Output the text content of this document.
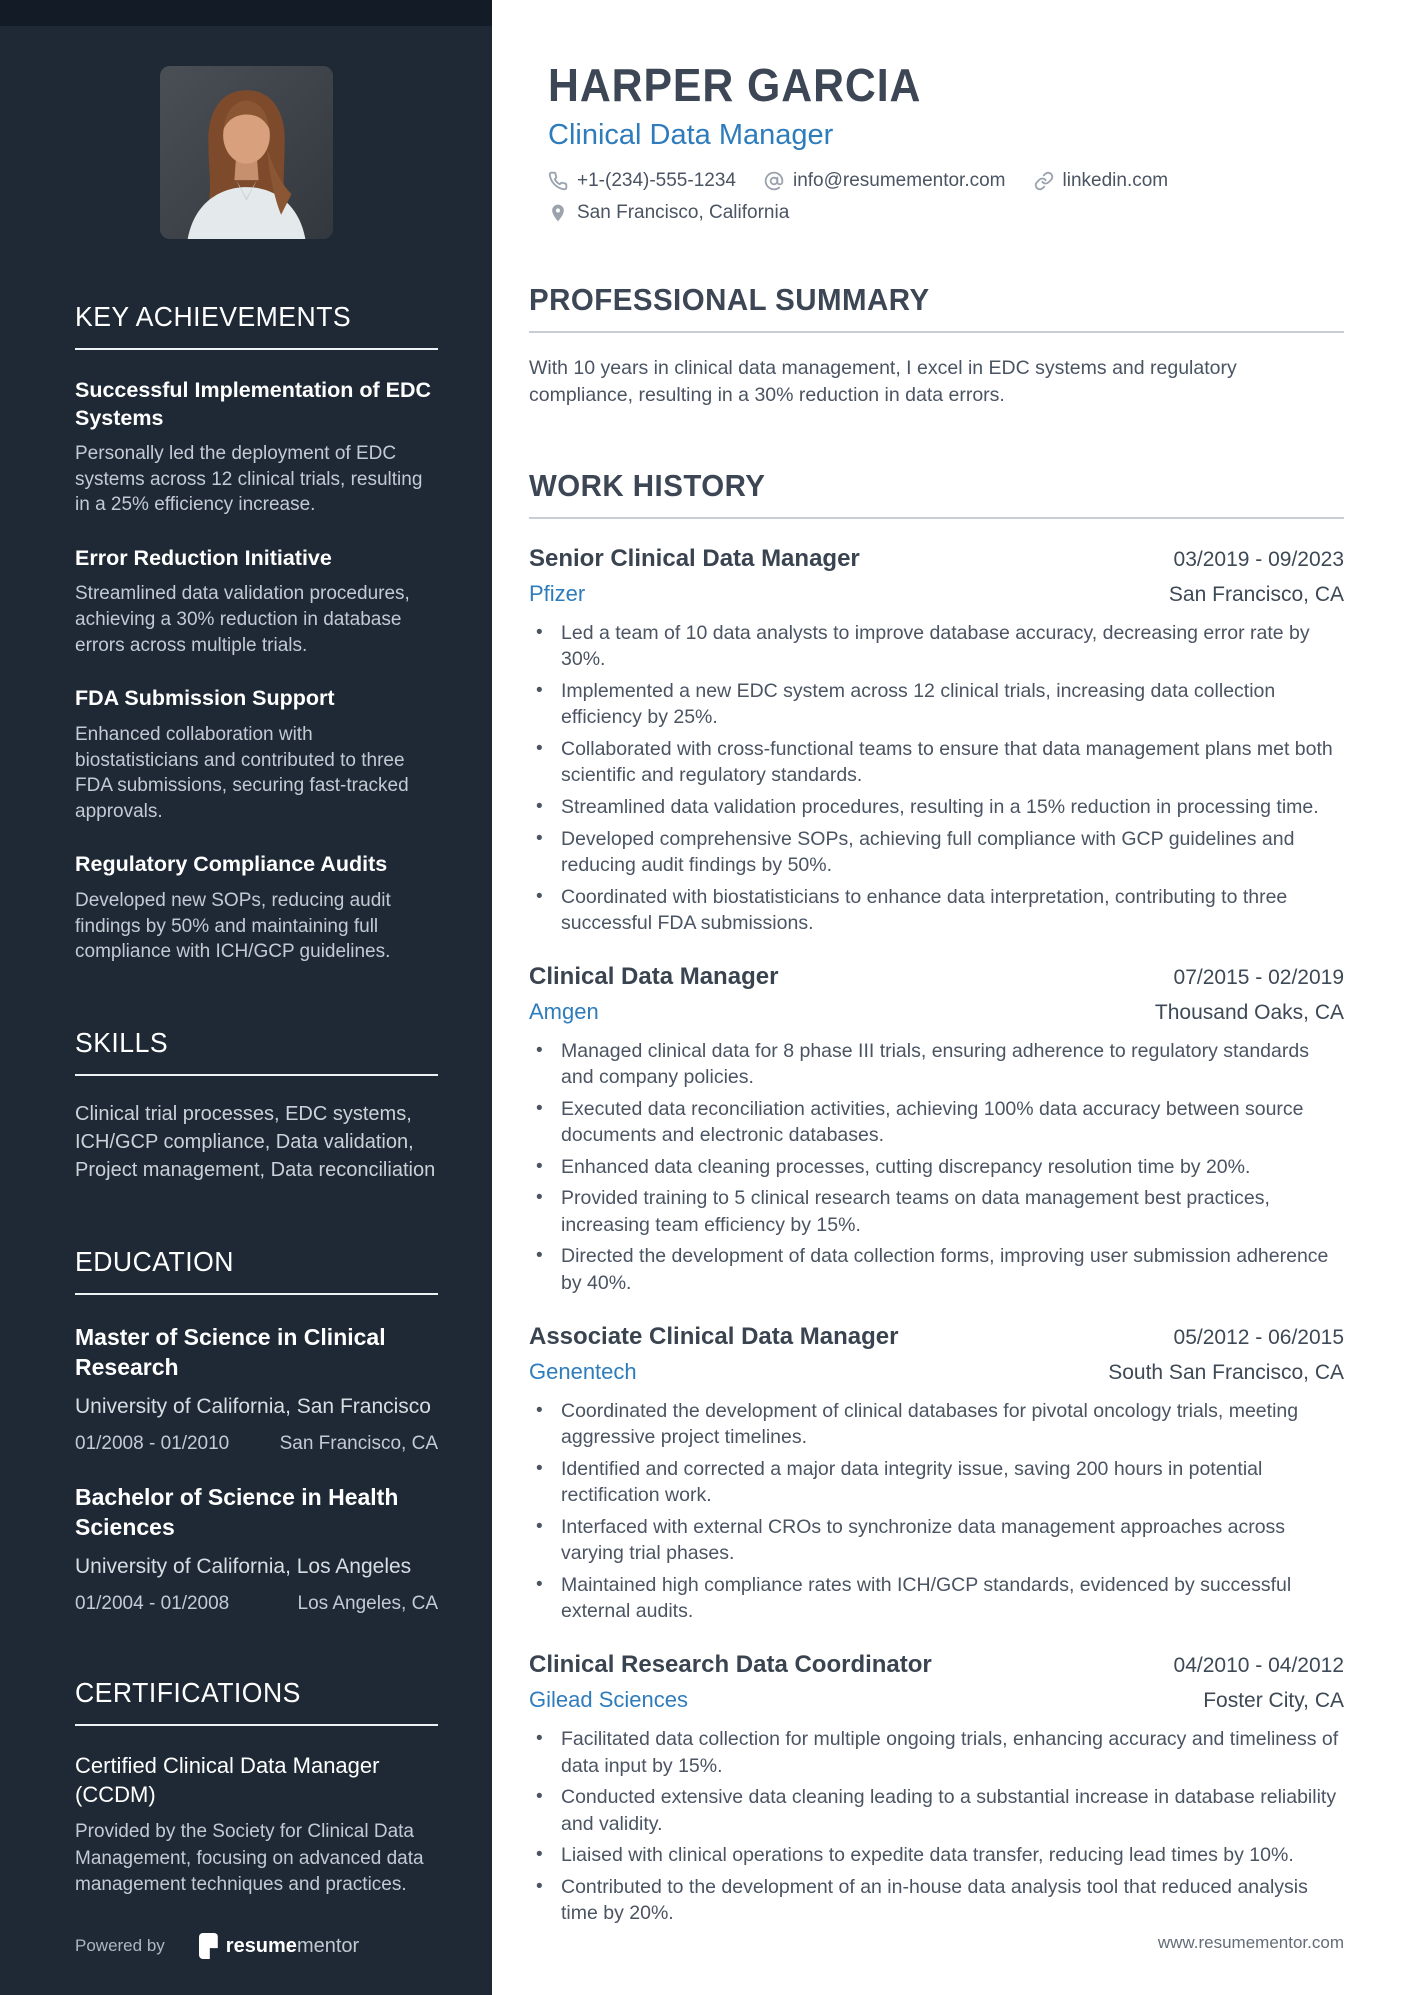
KEY ACHIEVEMENTS
Successful Implementation of EDC Systems
Personally led the deployment of EDC systems across 12 clinical trials, resulting in a 25% efficiency increase.
Error Reduction Initiative
Streamlined data validation procedures, achieving a 30% reduction in database errors across multiple trials.
FDA Submission Support
Enhanced collaboration with biostatisticians and contributed to three FDA submissions, securing fast-tracked approvals.
Regulatory Compliance Audits
Developed new SOPs, reducing audit findings by 50% and maintaining full compliance with ICH/GCP guidelines.
SKILLS
Clinical trial processes, EDC systems, ICH/GCP compliance, Data validation, Project management, Data reconciliation
EDUCATION
Master of Science in Clinical Research
University of California, San Francisco
01/2008 - 01/2010	San Francisco, CA
Bachelor of Science in Health Sciences
University of California, Los Angeles
01/2004 - 01/2008	Los Angeles, CA
CERTIFICATIONS
Certified Clinical Data Manager (CCDM)
Provided by the Society for Clinical Data Management, focusing on advanced data management techniques and practices.
Powered by	resume mentor
HARPER GARCIA
Clinical Data Manager
+1-(234)-555-1234	info@resumementor.com	linkedin.com
San Francisco, California
PROFESSIONAL SUMMARY

With 10 years in clinical data management, I excel in EDC systems and regulatory compliance, resulting in a 30% reduction in data errors.

WORK HISTORY
Senior Clinical Data Manager	03/2019 - 09/2023
Pfizer	San Francisco, CA
• Led a team of 10 data analysts to improve database accuracy, decreasing error rate by 30%.
• Implemented a new EDC system across 12 clinical trials, increasing data collection efficiency by 25%.
• Collaborated with cross-functional teams to ensure that data management plans met both scientific and regulatory standards.
• Streamlined data validation procedures, resulting in a 15% reduction in processing time.
• Developed comprehensive SOPs, achieving full compliance with GCP guidelines and reducing audit findings by 50%.
• Coordinated with biostatisticians to enhance data interpretation, contributing to three successful FDA submissions.
Clinical Data Manager	07/2015 - 02/2019
Amgen	Thousand Oaks, CA
• Managed clinical data for 8 phase III trials, ensuring adherence to regulatory standards and company policies.
• Executed data reconciliation activities, achieving 100% data accuracy between source documents and electronic databases.
• Enhanced data cleaning processes, cutting discrepancy resolution time by 20%.
• Provided training to 5 clinical research teams on data management best practices, increasing team efficiency by 15%.
• Directed the development of data collection forms, improving user submission adherence by 40%.
Associate Clinical Data Manager	05/2012 - 06/2015
Genentech	South San Francisco, CA
• Coordinated the development of clinical databases for pivotal oncology trials, meeting aggressive project timelines.
• Identified and corrected a major data integrity issue, saving 200 hours in potential rectification work.
• Interfaced with external CROs to synchronize data management approaches across varying trial phases.
• Maintained high compliance rates with ICH/GCP standards, evidenced by successful external audits.
Clinical Research Data Coordinator	04/2010 - 04/2012
Gilead Sciences	Foster City, CA
• Facilitated data collection for multiple ongoing trials, enhancing accuracy and timeliness of data input by 15%.
• Conducted extensive data cleaning leading to a substantial increase in database reliability and validity.
• Liaised with clinical operations to expedite data transfer, reducing lead times by 10%.
• Contributed to the development of an in-house data analysis tool that reduced analysis time by 20%.
www.resumementor.com
